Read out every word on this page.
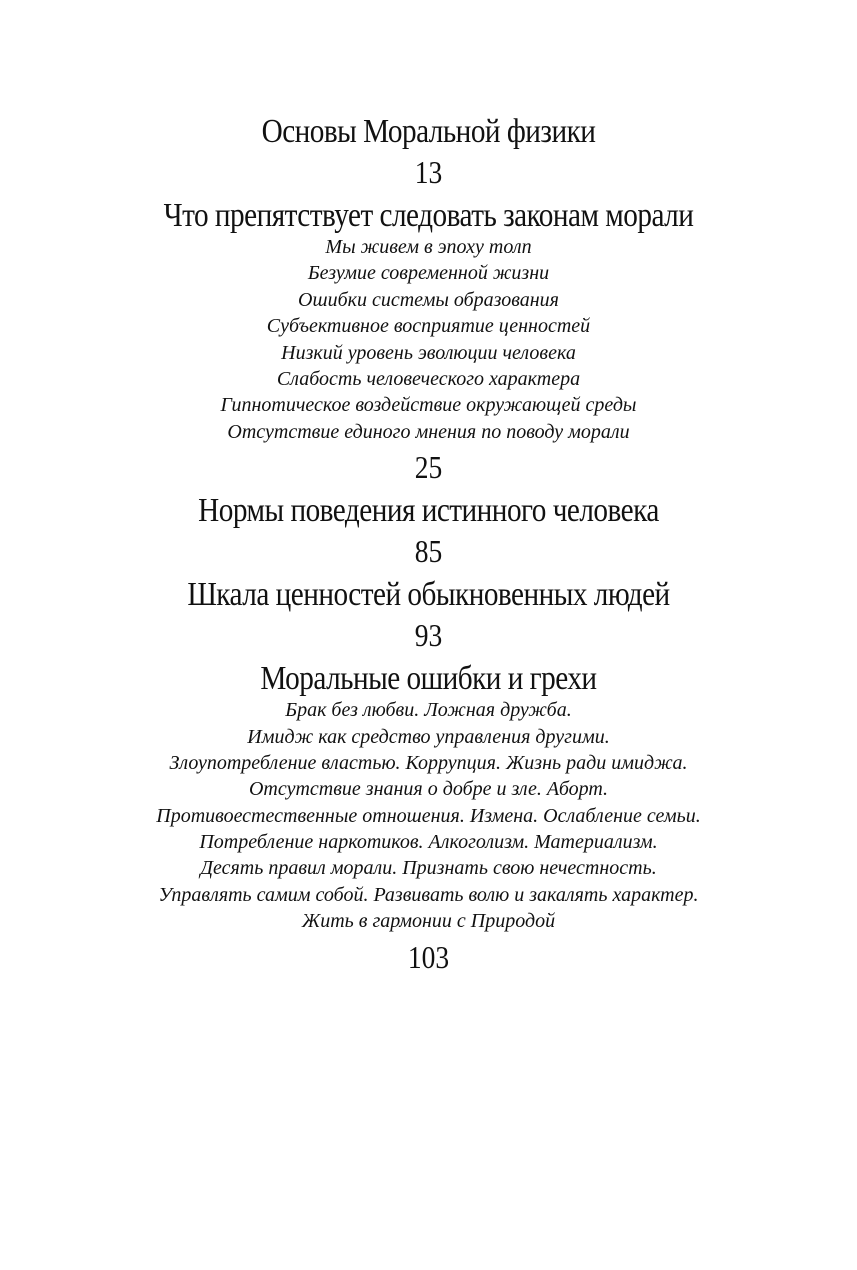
Основы Моральной физики
13
Что препятствует следовать законам морали
Мы живем в эпоху толп
Безумие современной жизни
Ошибки системы образования
Субъективное восприятие ценностей
Низкий уровень эволюции человека
Слабость человеческого характера
Гипнотическое воздействие окружающей среды
Отсутствие единого мнения по поводу морали
25
Нормы поведения истинного человека
85
Шкала ценностей обыкновенных людей
93
Моральные ошибки и грехи
Брак без любви. Ложная дружба.
Имидж как средство управления другими.
Злоупотребление властью. Коррупция. Жизнь ради имиджа.
Отсутствие знания о добре и зле. Аборт.
Противоестественные отношения. Измена. Ослабление семьи.
Потребление наркотиков. Алкоголизм. Материализм.
Десять правил морали. Признать свою нечестность.
Управлять самим собой. Развивать волю и закалять характер.
Жить в гармонии с Природой
103
